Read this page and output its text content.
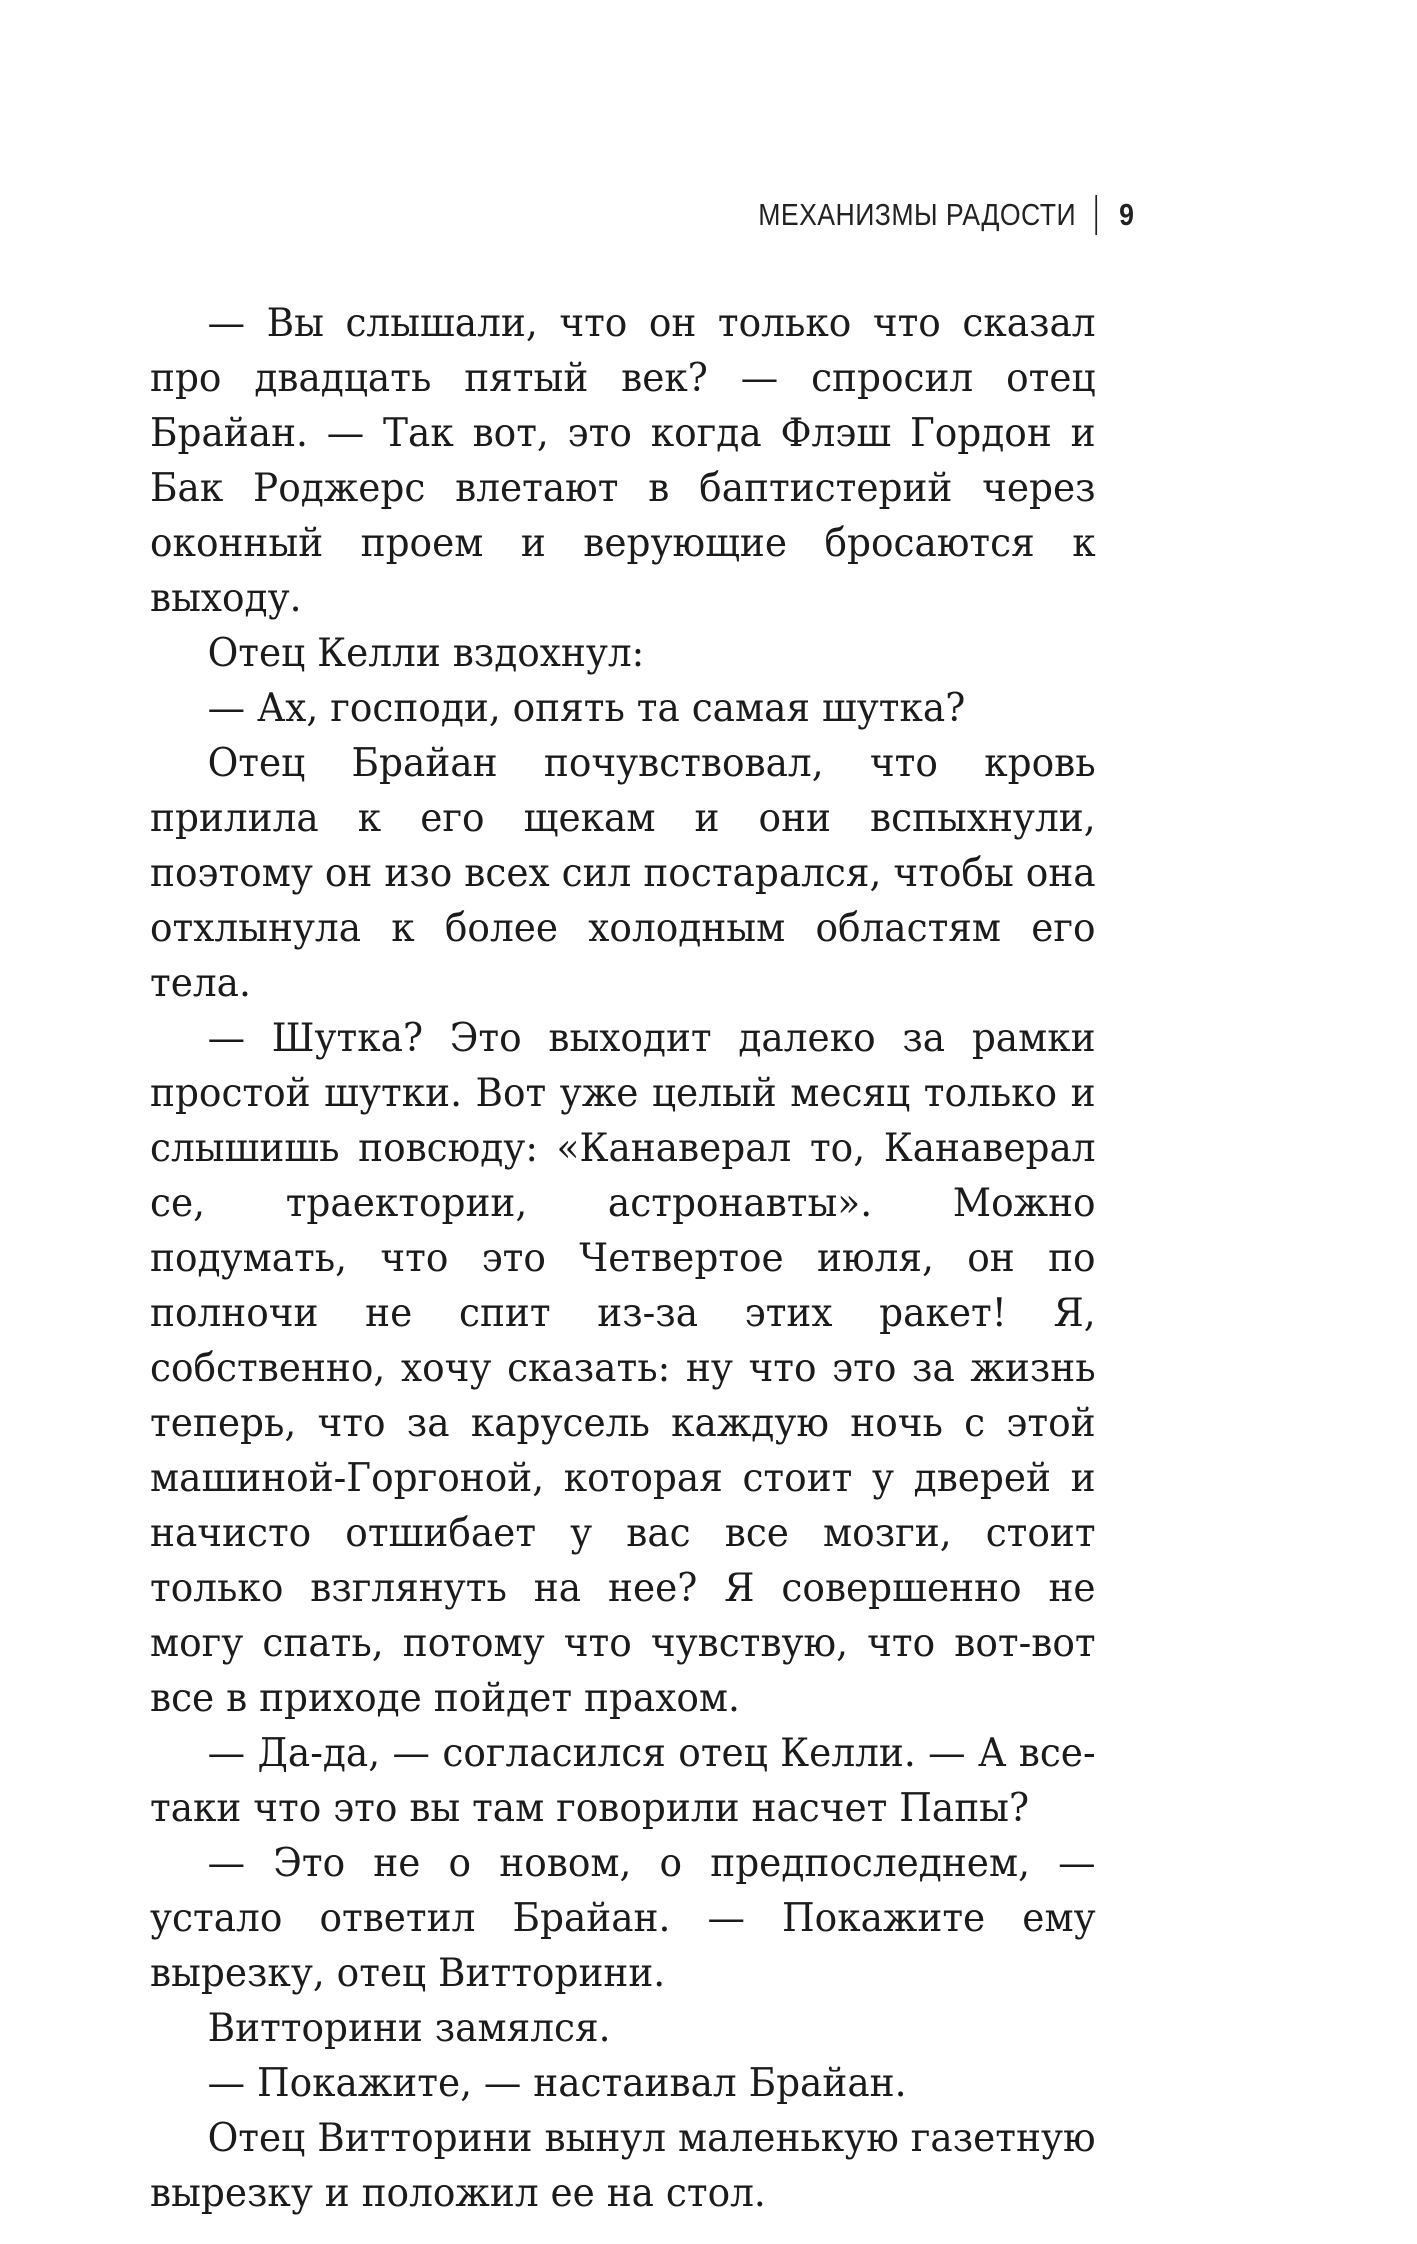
МЕХАНИЗМЫ РАДОСТИ 9

— Вы слышали, что он только что сказал про двадцать пятый век? — спросил отец Брайан. — Так вот, это когда Флэш Гордон и Бак Роджерс влетают в баптистерий через оконный проем и верующие бросаются к выходу.

Отец Келли вздохнул:

— Ах, господи, опять та самая шутка?

Отец Брайан почувствовал, что кровь прилила к его щекам и они вспыхнули, поэтому он изо всех сил постарался, чтобы она отхлынула к более холодным областям его тела.

— Шутка? Это выходит далеко за рамки простой шутки. Вот уже целый месяц только и слышишь повсюду: «Канаверал то, Канаверал се, траектории, астронавты». Можно подумать, что это Четвертое июля, он по полночи не спит из-за этих ракет! Я, собственно, хочу сказать: ну что это за жизнь теперь, что за карусель каждую ночь с этой машиной-Горгоной, которая стоит у дверей и начисто отшибает у вас все мозги, стоит только взглянуть на нее? Я совершенно не могу спать, потому что чувствую, что вот-вот все в приходе пойдет прахом.

— Да-да, — согласился отец Келли. — А все-таки что это вы там говорили насчет Папы?

— Это не о новом, о предпоследнем, — устало ответил Брайан. — Покажите ему вырезку, отец Витторини.

Витторини замялся.

— Покажите, — настаивал Брайан.

Отец Витторини вынул маленькую газетную вырезку и положил ее на стол.
